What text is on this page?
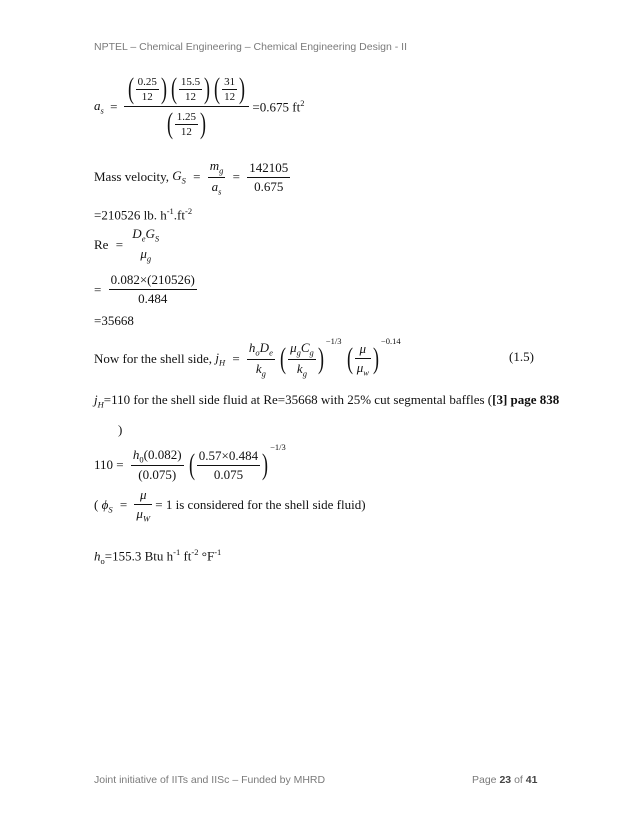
NPTEL – Chemical Engineering – Chemical Engineering Design - II
$a_s = \frac{( \frac{0.25}{12} ) ( \frac{15.5}{12} ) ( \frac{31}{12} )}{( \frac{1.25}{12} )} =0.675$ $ft^2$
Mass velocity, $G_S = \frac{m_g}{a_s} = \frac{142105}{0.675}$
=210526 lb. $h^{-1}.ft^{-2}$
Re =
$D_eG_S$
$\mu_g$
= $\frac{0.082\times(210526)}{0.484}$
=35668
Now for the shell side, $j_H = \frac{h_oD_e}{k_g}$ ( $\frac{\mu_gC_g}{k_g} )^{-1/3}$ ( $\frac{\mu}{\mu_w} )^{-0.14}$
(1.5)
$j_H=110$ for the shell side fluid at Re=35668 with 25% cut segmental baffles ([3] page 838
)
$110 = \frac{h_0(0.082)}{(0.075)}$ ( $\frac{0.57\times 0.484}{0.075} )^{-1/3}$
( $\phi_S = \frac{\mu}{\mu_W} = 1$ is considered for the shell side fluid)
$h_o=155.3$ Btu $h^{-1}$ $ft^{-2}$ $^\circ F^{-1}$
Joint initiative of IITs and IISc – Funded by MHRD	Page 23 of 41
